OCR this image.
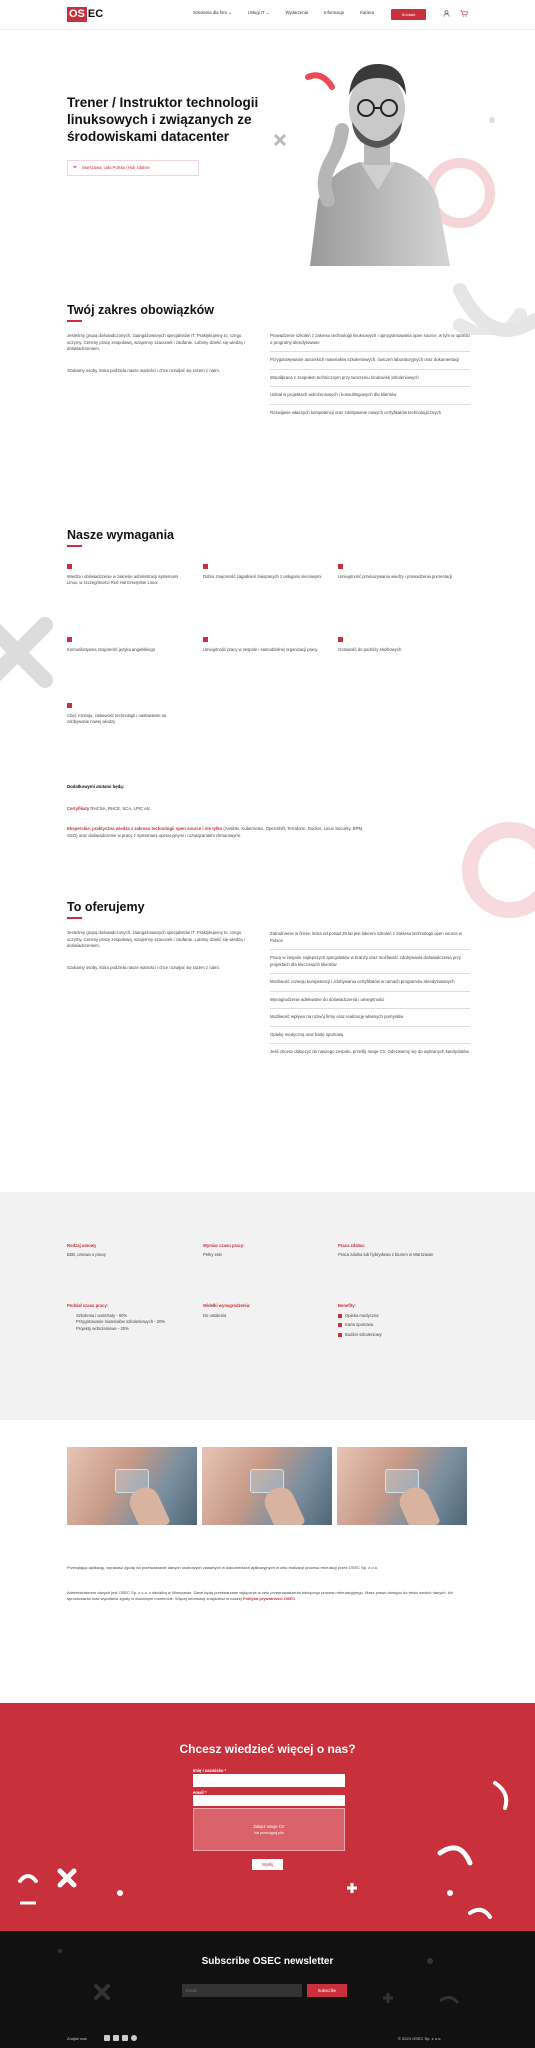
OS EC	Szkolenia dla firm ⌄	Usługi IT ⌄	Wydarzenia	Informacje	Kariera	Kontakt
Trener / Instruktor technologii linuksowych i związanych ze środowiskami datacenter
⌖ Warszawa, cała Polska (Hub zdalnie
Twój zakres obowiązków
Jesteśmy grupą doświadczonych, zaangażowanych specjalistów IT. Praktykujemy to, czego uczymy. Cenimy pracę zespołową, wzajemny szacunek i zaufanie. Lubimy dzielić się wiedzą i doświadczeniem.
Szukamy osoby, która podziela nasze wartości i chce rozwijać się razem z nami.
Prowadzenie szkoleń z zakresu technologii linuksowych i oprogramowania open source, w tym w oparciu o programy akredytowane
Przygotowywanie autorskich materiałów szkoleniowych, ćwiczeń laboratoryjnych oraz dokumentacji
Współpraca z zespołem technicznym przy tworzeniu środowisk szkoleniowych
Udział w projektach wdrożeniowych i konsultingowych dla klientów
Rozwijanie własnych kompetencji oraz zdobywanie nowych certyfikatów technologicznych
Nasze wymagania
Wiedza i doświadczenie w zakresie administracji systemami Linux, w szczególności Red Hat Enterprise Linux
Dobra znajomość zagadnień związanych z usługami sieciowymi	Umiejętność przekazywania wiedzy i prowadzenia prezentacji
Komunikatywna znajomość języka angielskiego	Umiejętność pracy w zespole i samodzielnej organizacji pracy	Gotowość do podróży służbowych
Chęć rozwoju, ciekawość technologii i nastawienie na zdobywanie nowej wiedzy
Dodatkowymi atutami będą:
Certyfikaty RHCSA, RHCE, SCA, LPIC etc.
Eksperckie, praktyczna wiedza z zakresu technologii open source i nie tylko (Ansible, Kubernetes, OpenShift, Terraform, Docker, Linux Security, BPM, SSO) oraz doświadczenie w pracy z systemami operacyjnymi i rozwiązaniami chmurowymi.
To oferujemy
Jesteśmy grupą doświadczonych, zaangażowanych specjalistów IT. Praktykujemy to, czego uczymy. Cenimy pracę zespołową, wzajemny szacunek i zaufanie. Lubimy dzielić się wiedzą i doświadczeniem.
Szukamy osoby, która podziela nasze wartości i chce rozwijać się razem z nami.
Zatrudnienie w firmie, która od ponad 25 lat jest liderem szkoleń z zakresu technologii open source w Polsce
Pracę w zespole najlepszych specjalistów w branży oraz możliwość zdobywania doświadczenia przy projektach dla kluczowych klientów
Możliwość rozwoju kompetencji i zdobywania certyfikatów w ramach programów akredytowanych
Wynagrodzenie adekwatne do doświadczenia i umiejętności
Możliwość wpływu na rozwój firmy oraz realizację własnych pomysłów
Opiekę medyczną oraz kartę sportową
Jeśli chcesz dołączyć do naszego zespołu, prześlij swoje CV. Odezwiemy się do wybranych kandydatów.
Rodzaj umowy
B2B, umowa o pracę
Wymiar czasu pracy:
Pełny etat
Praca zdalna:
Praca zdalna lub hybrydowa z biurem w Warszawie
Podział czasu pracy:
Szkolenia i warsztaty - 60%
Przygotowanie materiałów szkoleniowych - 20%
Projekty wdrożeniowe - 20%
Widełki wynagrodzenia:
Do ustalenia
Benefity:
Opieka medyczna
Karta sportowa
Budżet szkoleniowy
Przesyłając aplikację, wyrażasz zgodę na przetwarzanie danych osobowych zawartych w dokumentach aplikacyjnych w celu realizacji procesu rekrutacji przez OSEC Sp. z o.o.
Administratorem danych jest OSEC Sp. z o.o. z siedzibą w Warszawie. Dane będą przetwarzane wyłącznie w celu przeprowadzenia bieżącego procesu rekrutacyjnego. Masz prawo dostępu do treści swoich danych, ich sprostowania oraz wycofania zgody w dowolnym momencie. Więcej informacji znajdziesz w naszej Polityka prywatności OSEC
Chcesz wiedzieć więcej o nas?
Imię i nazwisko *
email *
Załącz swoje CV
lub przeciągnij plik
Wyślij
Subscribe OSEC newsletter
Email
Subscribe
Znajdź nas	© 2023 OSEC Sp. z o.o.
